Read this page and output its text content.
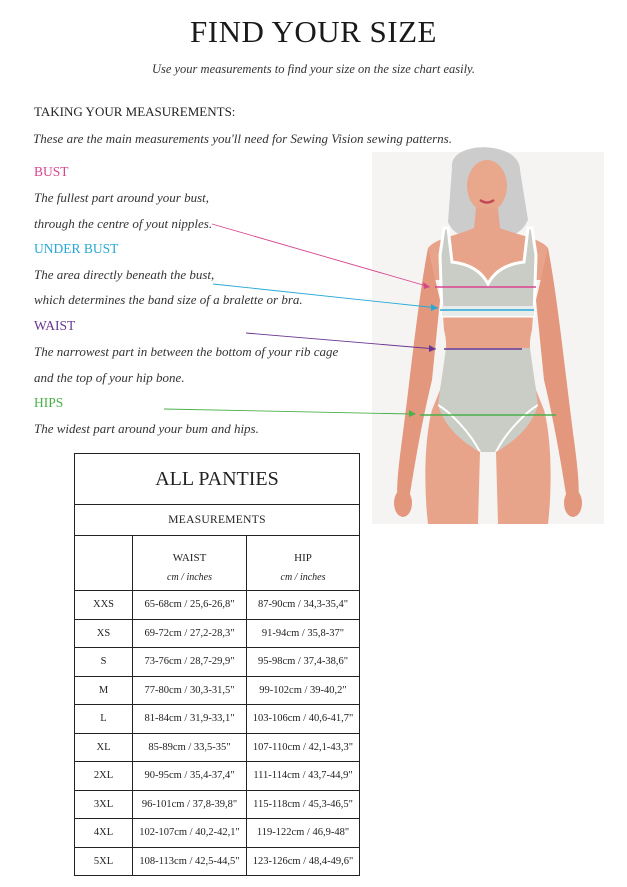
FIND YOUR SIZE
Use your measurements to find your size on the size chart easily.
TAKING YOUR MEASUREMENTS:
These are the main measurements you'll need for Sewing Vision sewing patterns.
BUST
The fullest part around your bust,
through the centre of yout nipples.
UNDER BUST
The area directly beneath the bust,
which determines the band size of a bralette or bra.
WAIST
The narrowest part in between the bottom of your rib cage
and the top of your hip bone.
HIPS
The widest part around your bum and hips.
ALL PANTIES		
MEASUREMENTS		
	WAIST	HIP
	cm / inches	cm / inches
XXS	65-68cm / 25,6-26,8"	87-90cm / 34,3-35,4"
XS	69-72cm / 27,2-28,3"	91-94cm / 35,8-37"
S	73-76cm / 28,7-29,9"	95-98cm / 37,4-38,6"
M	77-80cm / 30,3-31,5"	99-102cm / 39-40,2"
L	81-84cm / 31,9-33,1"	103-106cm / 40,6-41,7"
XL	85-89cm / 33,5-35"	107-110cm / 42,1-43,3"
2XL	90-95cm / 35,4-37,4"	111-114cm / 43,7-44,9"
3XL	96-101cm / 37,8-39,8"	115-118cm / 45,3-46,5"
4XL	102-107cm / 40,2-42,1"	119-122cm / 46,9-48"
5XL	108-113cm / 42,5-44,5"	123-126cm / 48,4-49,6"
